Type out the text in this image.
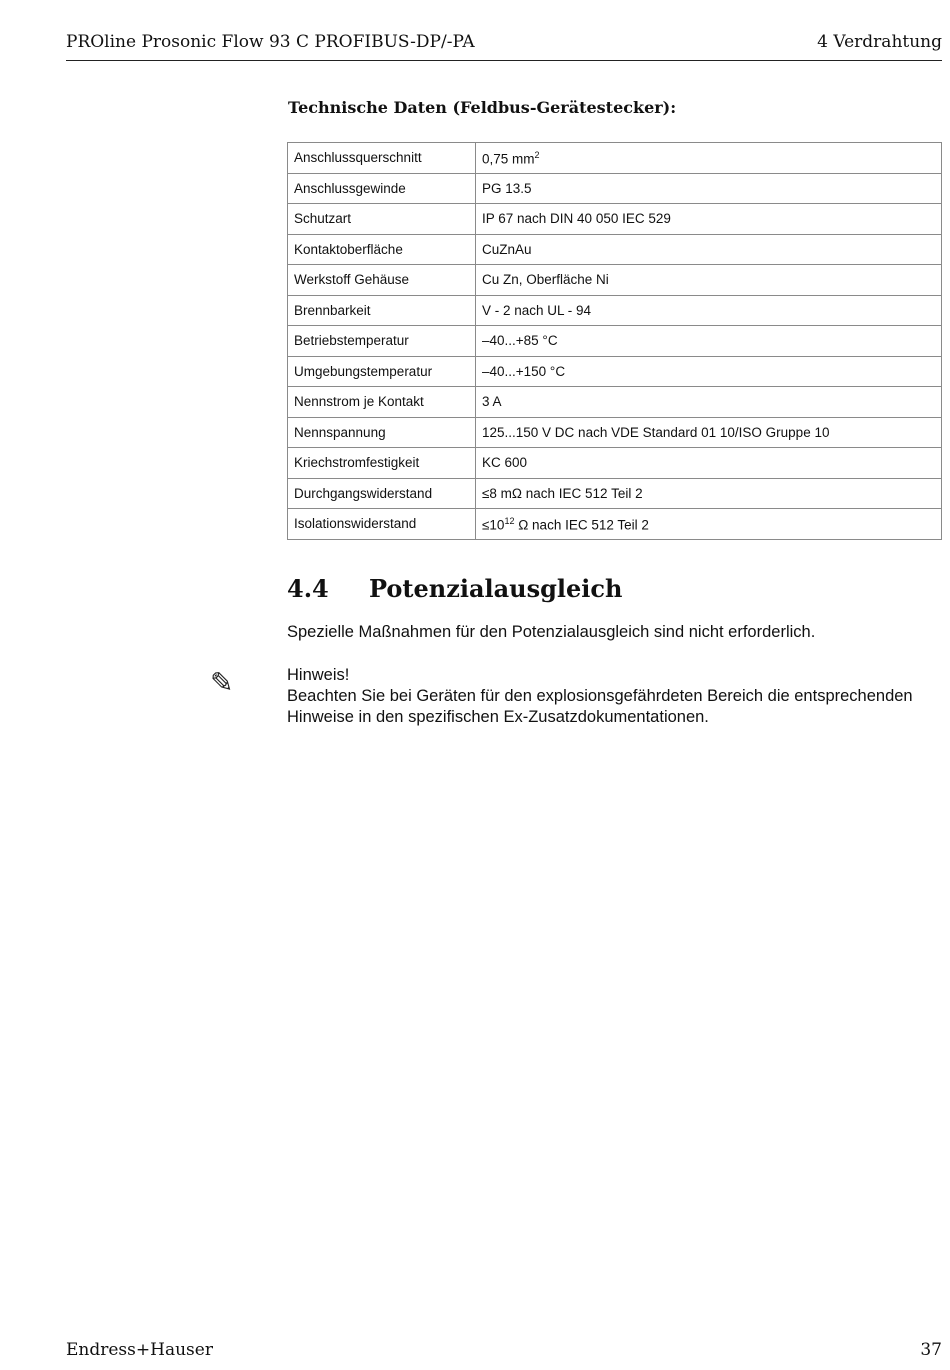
PROline Prosonic Flow 93 C PROFIBUS-DP/-PA	4 Verdrahtung
Technische Daten (Feldbus-Gerätestecker):
Anschlussquerschnitt	0,75 $mm^2$
Anschlussgewinde	PG 13.5
Schutzart	IP 67 nach DIN 40 050 IEC 529
Kontaktoberfläche	CuZnAu
Werkstoff Gehäuse	Cu Zn, Oberfläche Ni
Brennbarkeit	V - 2 nach UL - 94
Betriebstemperatur	–40...+85 °C
Umgebungstemperatur	–40...+150 °C
Nennstrom je Kontakt	3 A
Nennspannung	125...150 V DC nach VDE Standard 01 10/ISO Gruppe 10
Kriechstromfestigkeit	KC 600
Durchgangswiderstand	≤8 mΩ nach IEC 512 Teil 2
Isolationswiderstand	$\le 10^{12}$ Ω nach IEC 512 Teil 2
4.4 Potenzialausgleich
Spezielle Maßnahmen für den Potenzialausgleich sind nicht erforderlich.
✎	Hinweis!
Beachten Sie bei Geräten für den explosionsgefährdeten Bereich die entsprechenden Hinweise in den spezifischen Ex-Zusatzdokumentationen.
Endress+Hauser	37
